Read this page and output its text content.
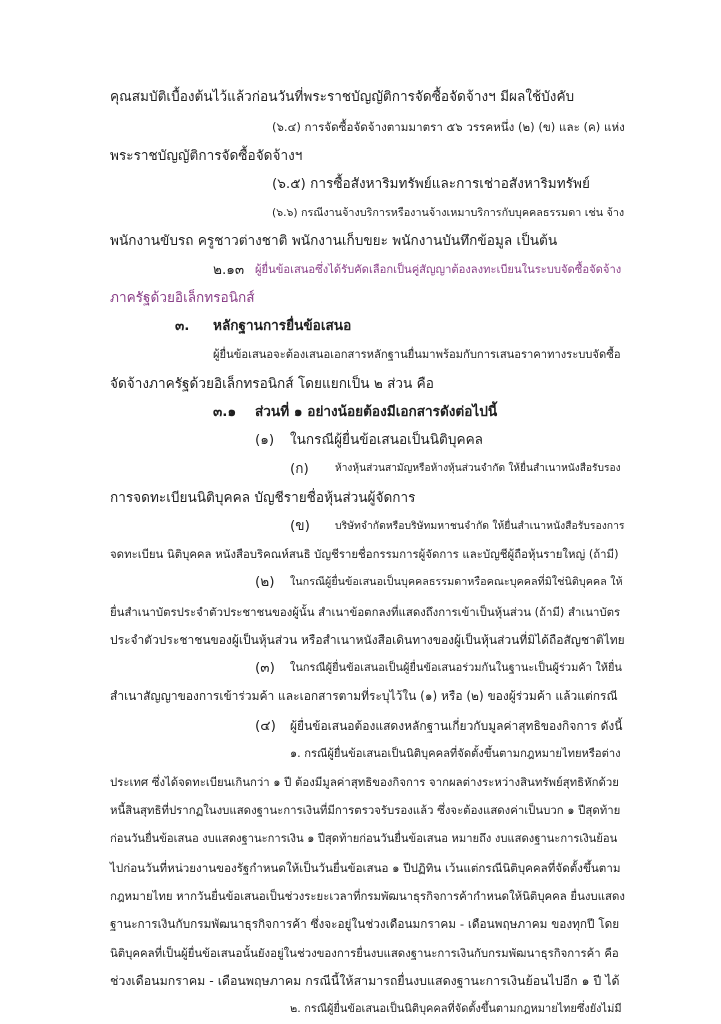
คุณสมบัติเบื้องต้นไว้แล้วก่อนวันที่พระราชบัญญัติการจัดซื้อจัดจ้างฯ มีผลใช้บังคับ

(๖.๔) การจัดซื้อจัดจ้างตามมาตรา ๕๖ วรรคหนึ่ง (๒) (ข) และ (ค) แห่ง

พระราชบัญญัติการจัดซื้อจัดจ้างฯ

(๖.๕) การซื้อสังหาริมทรัพย์และการเช่าอสังหาริมทรัพย์

(๖.๖) กรณีงานจ้างบริการหรืองานจ้างเหมาบริการกับบุคคลธรรมดา เช่น จ้าง

พนักงานขับรถ ครูชาวต่างชาติ พนักงานเก็บขยะ พนักงานบันทึกข้อมูล เป็นต้น

๒.๑๓ ผู้ยื่นข้อเสนอซึ่งได้รับคัดเลือกเป็นคู่สัญญาต้องลงทะเบียนในระบบจัดซื้อจัดจ้าง

ภาครัฐด้วยอิเล็กทรอนิกส์

๓. หลักฐานการยื่นข้อเสนอ

ผู้ยื่นข้อเสนอจะต้องเสนอเอกสารหลักฐานยื่นมาพร้อมกับการเสนอราคาทางระบบจัดซื้อ

จัดจ้างภาครัฐด้วยอิเล็กทรอนิกส์ โดยแยกเป็น ๒ ส่วน คือ

๓.๑ ส่วนที่ ๑ อย่างน้อยต้องมีเอกสารดังต่อไปนี้

(๑) ในกรณีผู้ยื่นข้อเสนอเป็นนิติบุคคล

(ก)	ห้างหุ้นส่วนสามัญหรือห้างหุ้นส่วนจำกัด ให้ยื่นสำเนาหนังสือรับรอง

การจดทะเบียนนิติบุคคล บัญชีรายชื่อหุ้นส่วนผู้จัดการ

(ข) บริษัทจำกัดหรือบริษัทมหาชนจำกัด ให้ยื่นสำเนาหนังสือรับรองการ

จดทะเบียน นิติบุคคล หนังสือบริคณห์สนธิ บัญชีรายชื่อกรรมการผู้จัดการ และบัญชีผู้ถือหุ้นรายใหญ่ (ถ้ามี)

(๒) ในกรณีผู้ยื่นข้อเสนอเป็นบุคคลธรรมดาหรือคณะบุคคลที่มิใช่นิติบุคคล ให้

ยื่นสำเนาบัตรประจำตัวประชาชนของผู้นั้น สำเนาข้อตกลงที่แสดงถึงการเข้าเป็นหุ้นส่วน (ถ้ามี) สำเนาบัตร

ประจำตัวประชาชนของผู้เป็นหุ้นส่วน หรือสำเนาหนังสือเดินทางของผู้เป็นหุ้นส่วนที่มิได้ถือสัญชาติไทย

(๓) ในกรณีผู้ยื่นข้อเสนอเป็นผู้ยื่นข้อเสนอร่วมกันในฐานะเป็นผู้ร่วมค้า ให้ยื่น

สำเนาสัญญาของการเข้าร่วมค้า และเอกสารตามที่ระบุไว้ใน (๑) หรือ (๒) ของผู้ร่วมค้า แล้วแต่กรณี

(๔) ผู้ยื่นข้อเสนอต้องแสดงหลักฐานเกี่ยวกับมูลค่าสุทธิของกิจการ ดังนี้

๑. กรณีผู้ยื่นข้อเสนอเป็นนิติบุคคลที่จัดตั้งขึ้นตามกฎหมายไทยหรือต่าง

ประเทศ ซึ่งได้จดทะเบียนเกินกว่า ๑ ปี ต้องมีมูลค่าสุทธิของกิจการ จากผลต่างระหว่างสินทรัพย์สุทธิหักด้วย

หนี้สินสุทธิที่ปรากฏในงบแสดงฐานะการเงินที่มีการตรวจรับรองแล้ว ซึ่งจะต้องแสดงค่าเป็นบวก ๑ ปีสุดท้าย

ก่อนวันยื่นข้อเสนอ งบแสดงฐานะการเงิน ๑ ปีสุดท้ายก่อนวันยื่นข้อเสนอ หมายถึง งบแสดงฐานะการเงินย้อน

ไปก่อนวันที่หน่วยงานของรัฐกำหนดให้เป็นวันยื่นข้อเสนอ ๑ ปีปฏิทิน เว้นแต่กรณีนิติบุคคลที่จัดตั้งขึ้นตาม

กฎหมายไทย หากวันยื่นข้อเสนอเป็นช่วงระยะเวลาที่กรมพัฒนาธุรกิจการค้ากำหนดให้นิติบุคคล ยื่นงบแสดง

ฐานะการเงินกับกรมพัฒนาธุรกิจการค้า ซึ่งจะอยู่ในช่วงเดือนมกราคม - เดือนพฤษภาคม ของทุกปี โดย

นิติบุคคลที่เป็นผู้ยื่นข้อเสนอนั้นยังอยู่ในช่วงของการยื่นงบแสดงฐานะการเงินกับกรมพัฒนาธุรกิจการค้า คือ

ช่วงเดือนมกราคม - เดือนพฤษภาคม กรณีนี้ให้สามารถยื่นงบแสดงฐานะการเงินย้อนไปอีก ๑ ปี ได้

๒. กรณีผู้ยื่นข้อเสนอเป็นนิติบุคคลที่จัดตั้งขึ้นตามกฎหมายไทยซึ่งยังไม่มี
